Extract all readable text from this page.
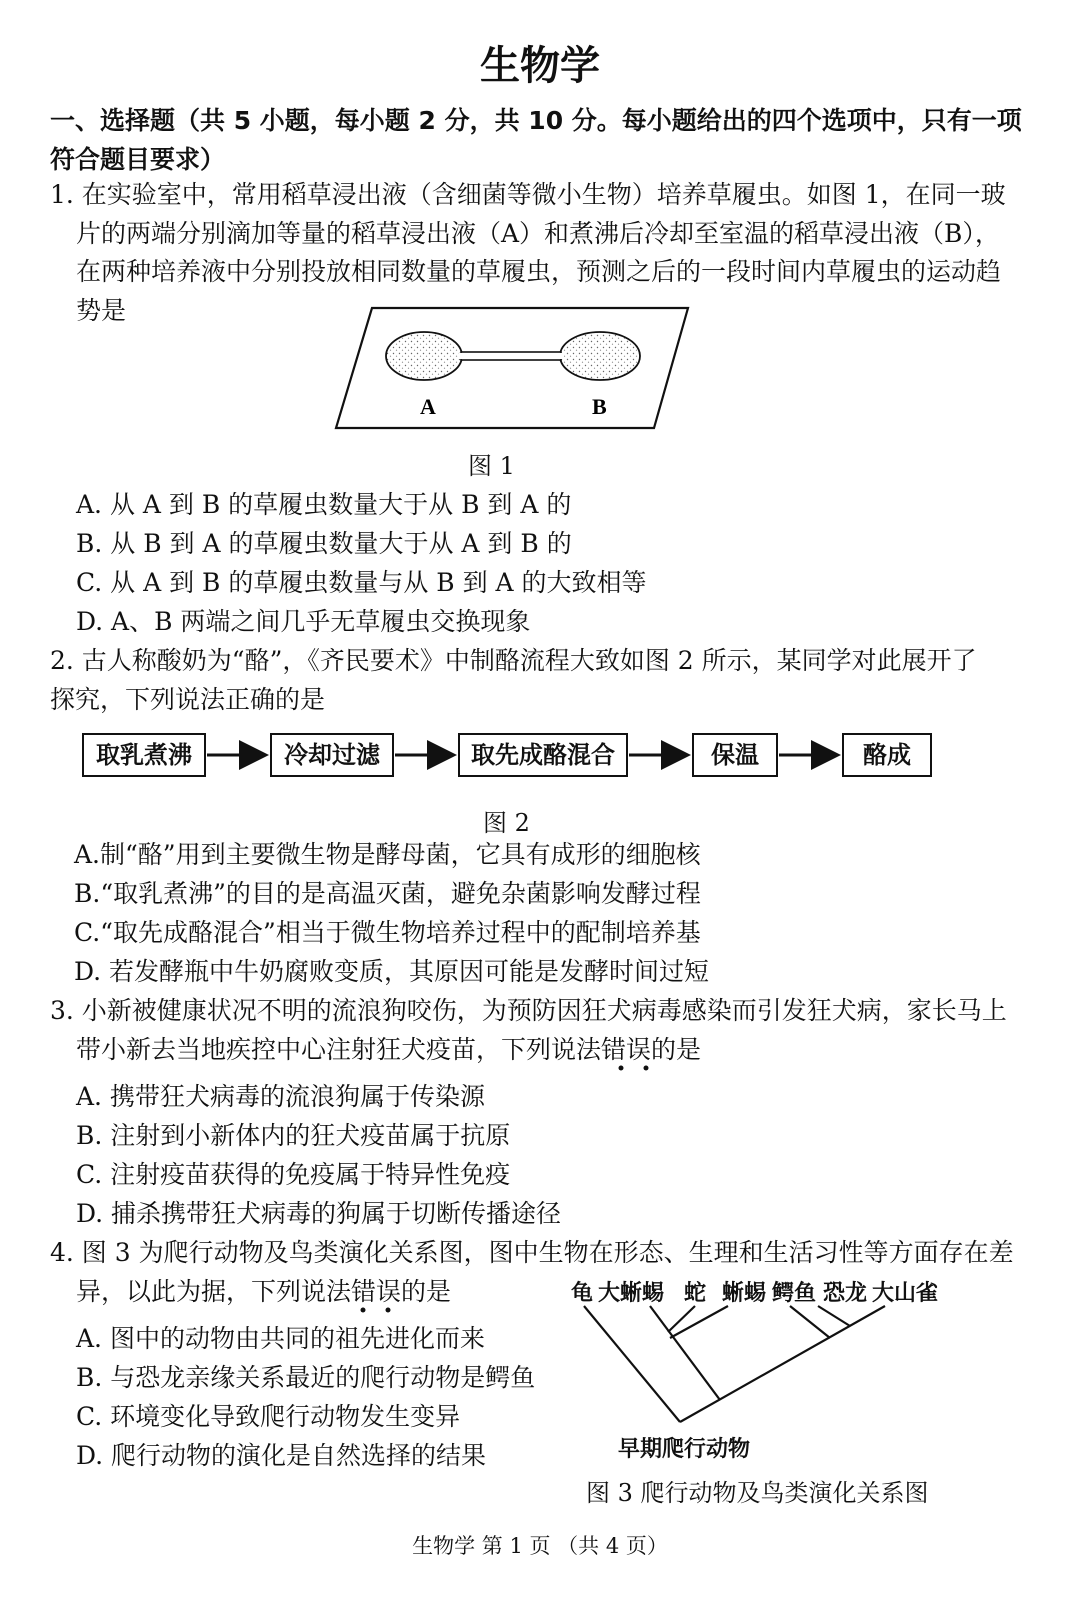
生物学
一、选择题（共 5 小题，每小题 2 分，共 10 分。每小题给出的四个选项中，只有一项符合题目要求）
1. 在实验室中，常用稻草浸出液（含细菌等微小生物）培养草履虫。如图 1，在同一玻
片的两端分别滴加等量的稻草浸出液（A）和煮沸后冷却至室温的稻草浸出液（B），
在两种培养液中分别投放相同数量的草履虫，预测之后的一段时间内草履虫的运动趋
势是
A	B
图 1
A. 从 A 到 B 的草履虫数量大于从 B 到 A 的
B. 从 B 到 A 的草履虫数量大于从 A 到 B 的
C. 从 A 到 B 的草履虫数量与从 B 到 A 的大致相等
D. A、B 两端之间几乎无草履虫交换现象
2. 古人称酸奶为“酪”，《齐民要术》中制酪流程大致如图 2 所示，某同学对此展开了
探究，下列说法正确的是
取乳煮沸	冷却过滤	取先成酪混合	保温	酪成
图 2
A.制“酪”用到主要微生物是酵母菌，它具有成形的细胞核
B.“取乳煮沸”的目的是高温灭菌，避免杂菌影响发酵过程
C.“取先成酪混合”相当于微生物培养过程中的配制培养基
D. 若发酵瓶中牛奶腐败变质，其原因可能是发酵时间过短
3. 小新被健康状况不明的流浪狗咬伤，为预防因狂犬病毒感染而引发狂犬病，家长马上
带小新去当地疾控中心注射狂犬疫苗，下列说法错误的是
A. 携带狂犬病毒的流浪狗属于传染源
B. 注射到小新体内的狂犬疫苗属于抗原
C. 注射疫苗获得的免疫属于特异性免疫
D. 捕杀携带狂犬病毒的狗属于切断传播途径
4. 图 3 为爬行动物及鸟类演化关系图，图中生物在形态、生理和生活习性等方面存在差
异，以此为据，下列说法错误的是
A. 图中的动物由共同的祖先进化而来
B. 与恐龙亲缘关系最近的爬行动物是鳄鱼
C. 环境变化导致爬行动物发生变异
D. 爬行动物的演化是自然选择的结果
龟 大蜥蜴 蛇 蜥蜴 鳄鱼 恐龙 大山雀
早期爬行动物
图 3 爬行动物及鸟类演化关系图
生物学 第 1 页 （共 4 页）
